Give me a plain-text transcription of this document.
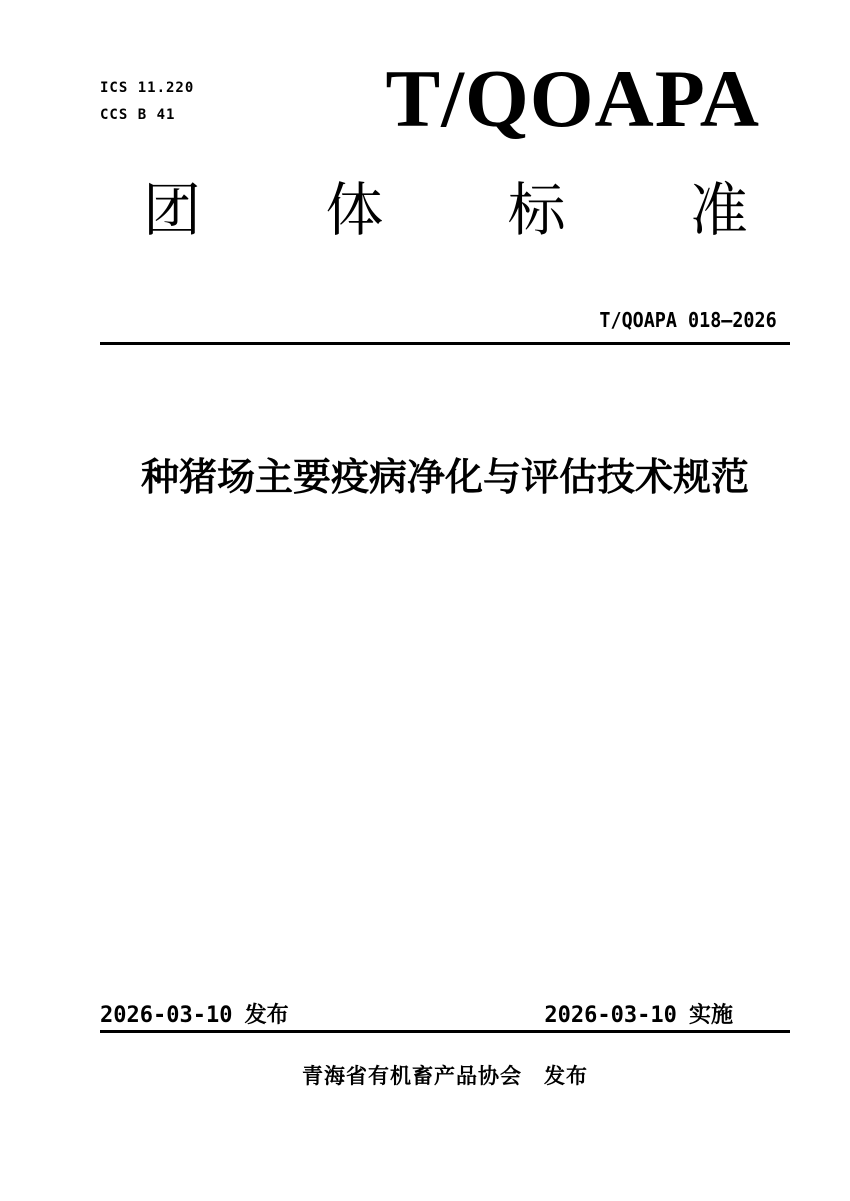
ICS 11.220
CCS B 41	T/QOAPA
团 体 标 准
T/QOAPA 018—2026
种猪场主要疫病净化与评估技术规范
2026-03-10 发布	2026-03-10 实施
青海省有机畜产品协会 发布
